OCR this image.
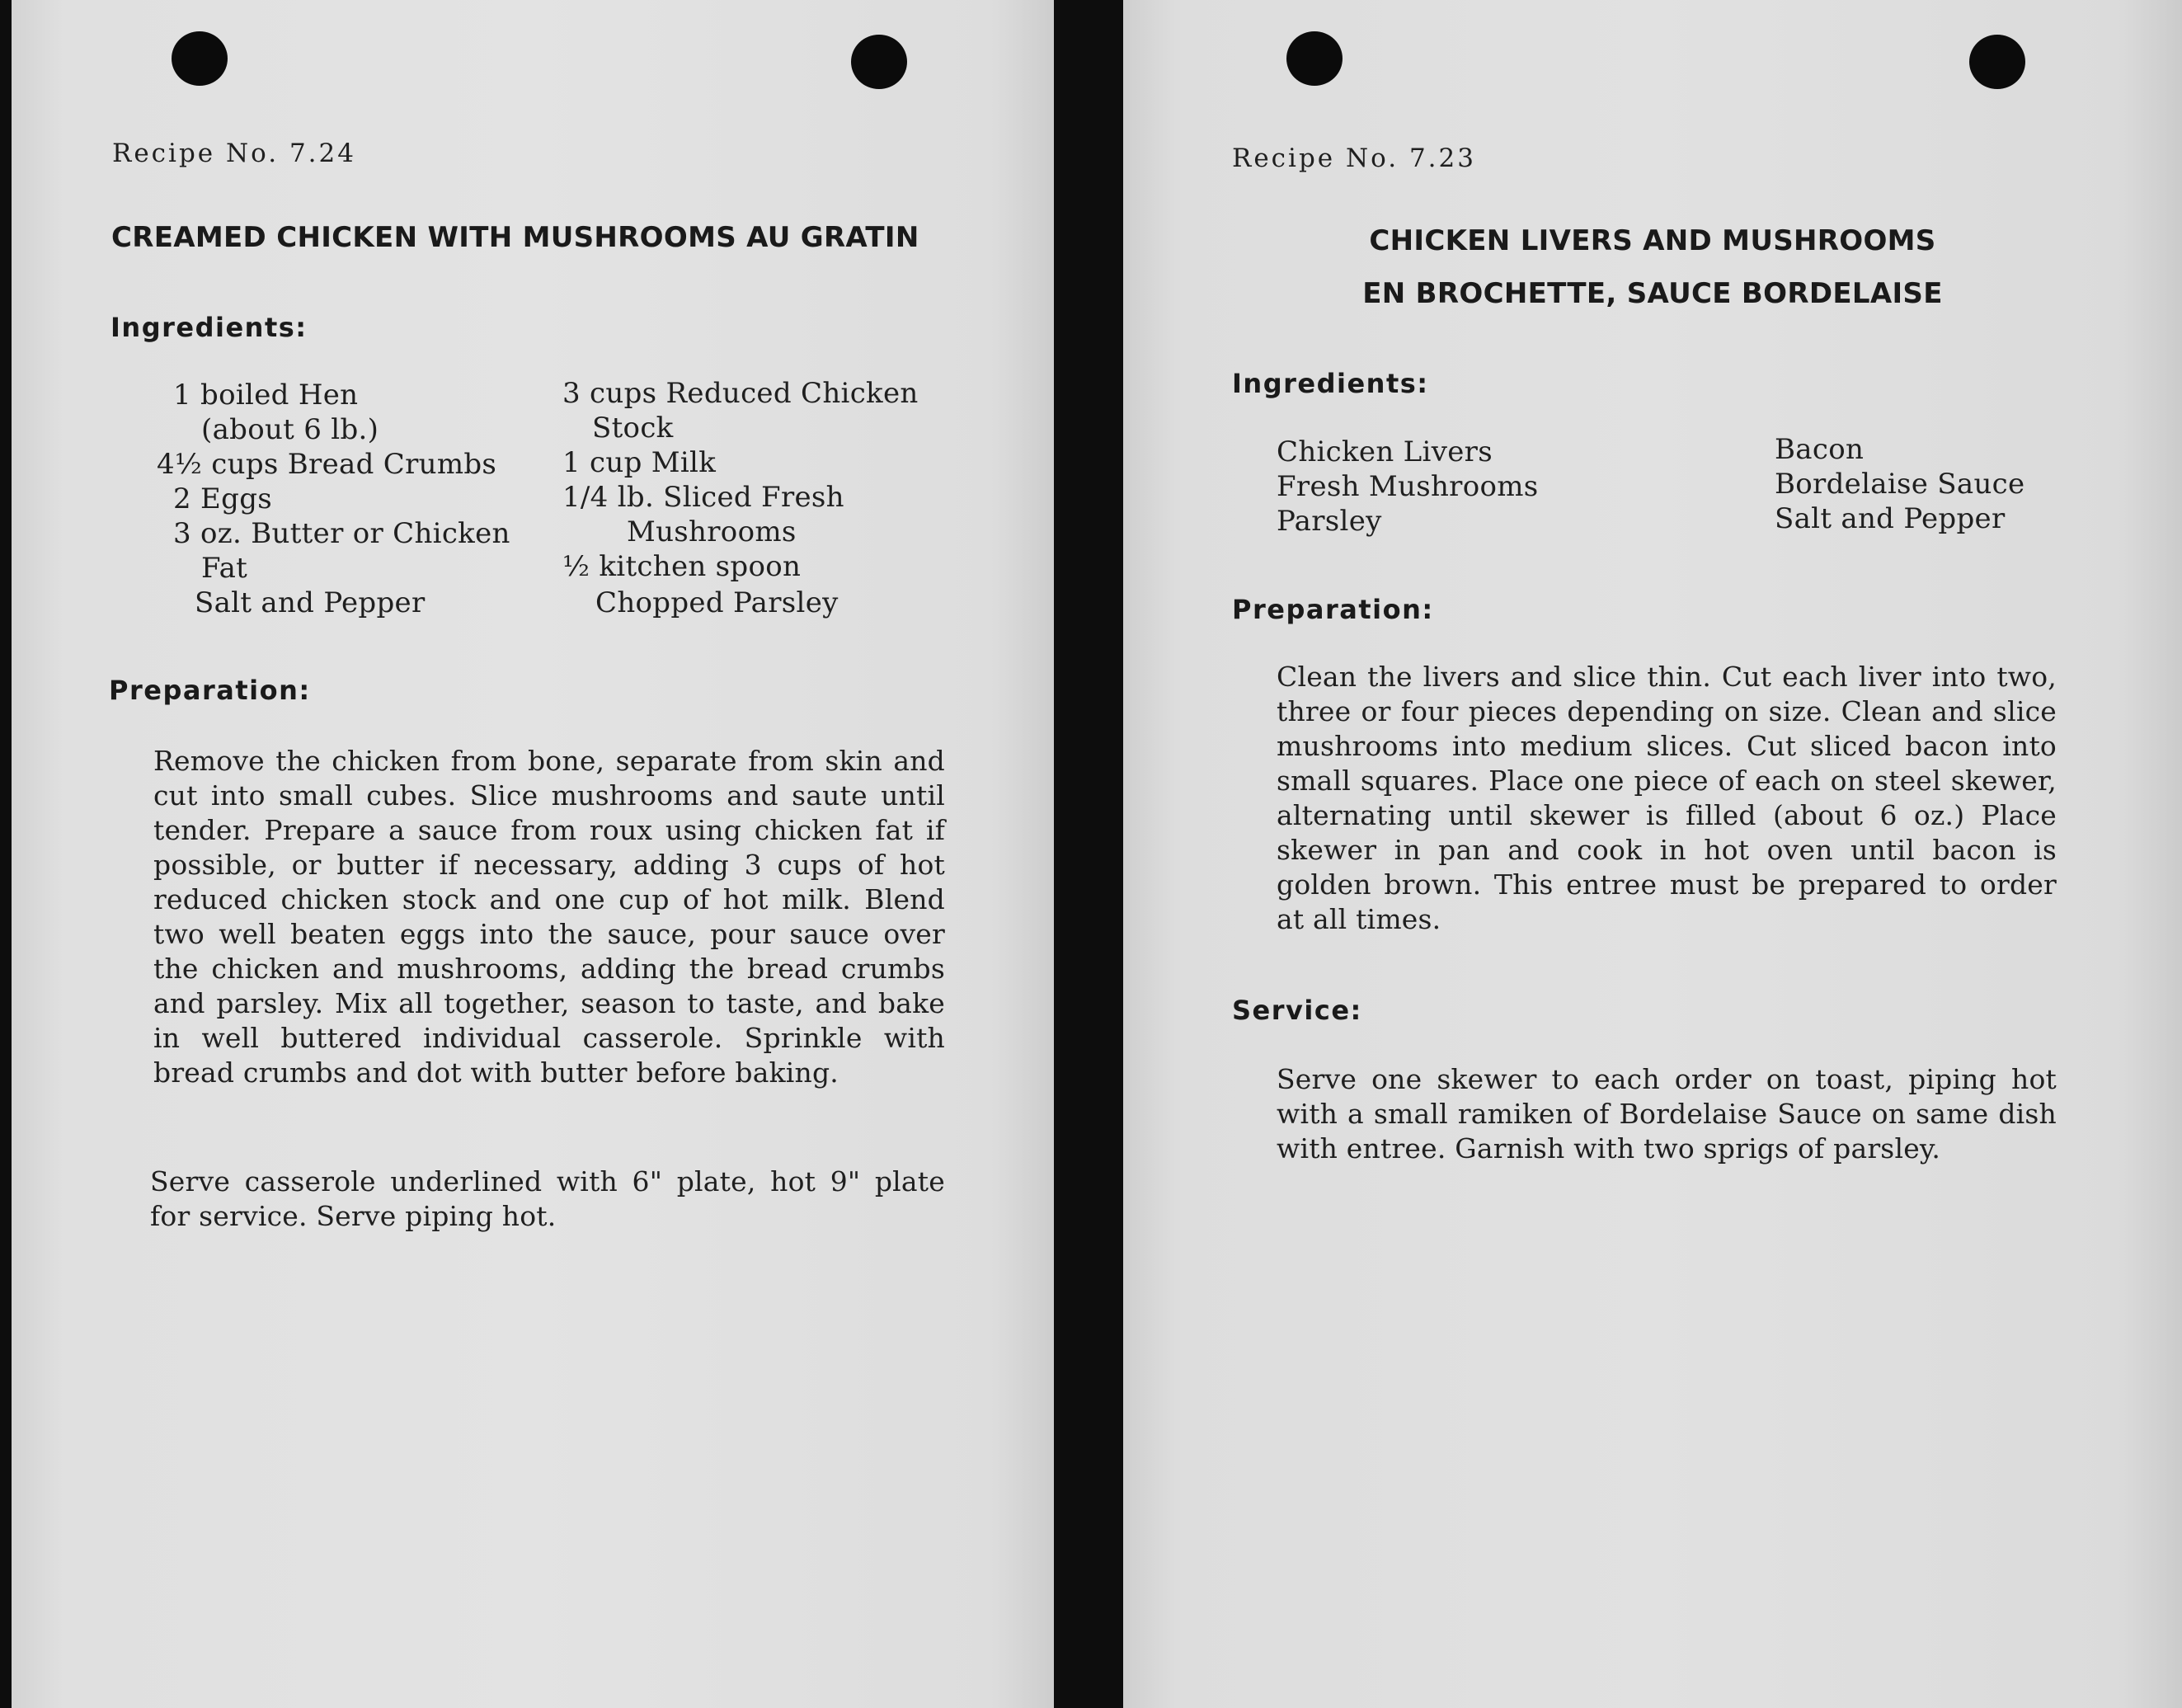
Recipe No. 7.24
CREAMED CHICKEN WITH MUSHROOMS AU GRATIN
Ingredients:
1 boiled Hen
(about 6 lb.)
4½ cups Bread Crumbs
2 Eggs
3 oz. Butter or Chicken
Fat
Salt and Pepper
3 cups Reduced Chicken
Stock
1 cup Milk
1/4 lb. Sliced Fresh
Mushrooms
½ kitchen spoon
Chopped Parsley
Preparation:

Remove the chicken from bone, separate from skin and cut into small cubes. Slice mushrooms and saute until tender. Prepare a sauce from roux using chicken fat if possible, or butter if necessary, adding 3 cups of hot reduced chicken stock and one cup of hot milk. Blend two well beaten eggs into the sauce, pour sauce over the chicken and mushrooms, adding the bread crumbs and parsley. Mix all together, season to taste, and bake in well buttered individual casserole. Sprinkle with bread crumbs and dot with butter before baking.

Serve casserole underlined with 6" plate, hot 9" plate for service. Serve piping hot.

Recipe No. 7.23
CHICKEN LIVERS AND MUSHROOMS
EN BROCHETTE, SAUCE BORDELAISE
Ingredients:
Chicken Livers
Fresh Mushrooms
Parsley
Bacon
Bordelaise Sauce
Salt and Pepper
Preparation:

Clean the livers and slice thin. Cut each liver into two, three or four pieces depending on size. Clean and slice mushrooms into medium slices. Cut sliced bacon into small squares. Place one piece of each on steel skewer, alternating until skewer is filled (about 6 oz.) Place skewer in pan and cook in hot oven until bacon is golden brown. This entree must be prepared to order at all times.

Service:

Serve one skewer to each order on toast, piping hot with a small ramiken of Bordelaise Sauce on same dish with entree. Garnish with two sprigs of parsley.
